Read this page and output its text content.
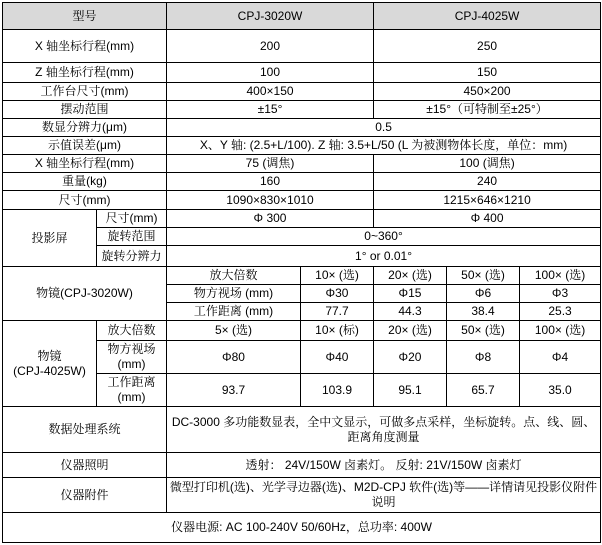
型号		CPJ-3020W		CPJ-4025W		
X 轴坐标行程(mm)		200		250		
Z 轴坐标行程(mm)		100		150		
工作台尺寸(mm)		400×150		450×200		
摆动范围		±15°		±15°（可特制至±25°）		
数显分辨力(μm)		0.5				
示值误差(μm)		X、Y 轴: (2.5+L/100). Z 轴: 3.5+L/50 (L 为被测物体长度，单位：mm)				
X 轴坐标行程(mm)		75 (调焦)		100 (调焦)		
重量(kg)		160		240		
尺寸(mm)		1090×830×1010		1215×646×1210		
投影屏	尺寸(mm)	Φ 300		Φ 400		
	旋转范围	0~360°				
	旋转分辨力	1° or 0.01°				
物镜(CPJ-3020W)		放大倍数	10× (选)	20× (选)	50× (选)	100× (选)
		物方视场 (mm)	Φ30	Φ15	Φ6	Φ3
		工作距离 (mm)	77.7	44.3	38.4	25.3

物镜
(CPJ-4025W)	放大倍数	5× (选)	10× (标)	20× (选)	50× (选)	100× (选)
	物方视场 (mm)	Φ80	Φ40	Φ20	Φ8	Φ4
	工作距离 (mm)	93.7	103.9	95.1	65.7	35.0
数据处理系统		DC-3000 多功能数显表，全中文显示，可做多点采样，坐标旋转。点、线、圆、距离角度测量				
仪器照明		透射： 24V/150W 卤素灯。 反射: 21V/150W 卤素灯				
仪器附件		微型打印机(选)、光学寻边器(选)、M2D-CPJ 软件(选)等——详情请见投影仪附件说明				
仪器电源: AC 100-240V 50/60Hz，总功率: 400W						
